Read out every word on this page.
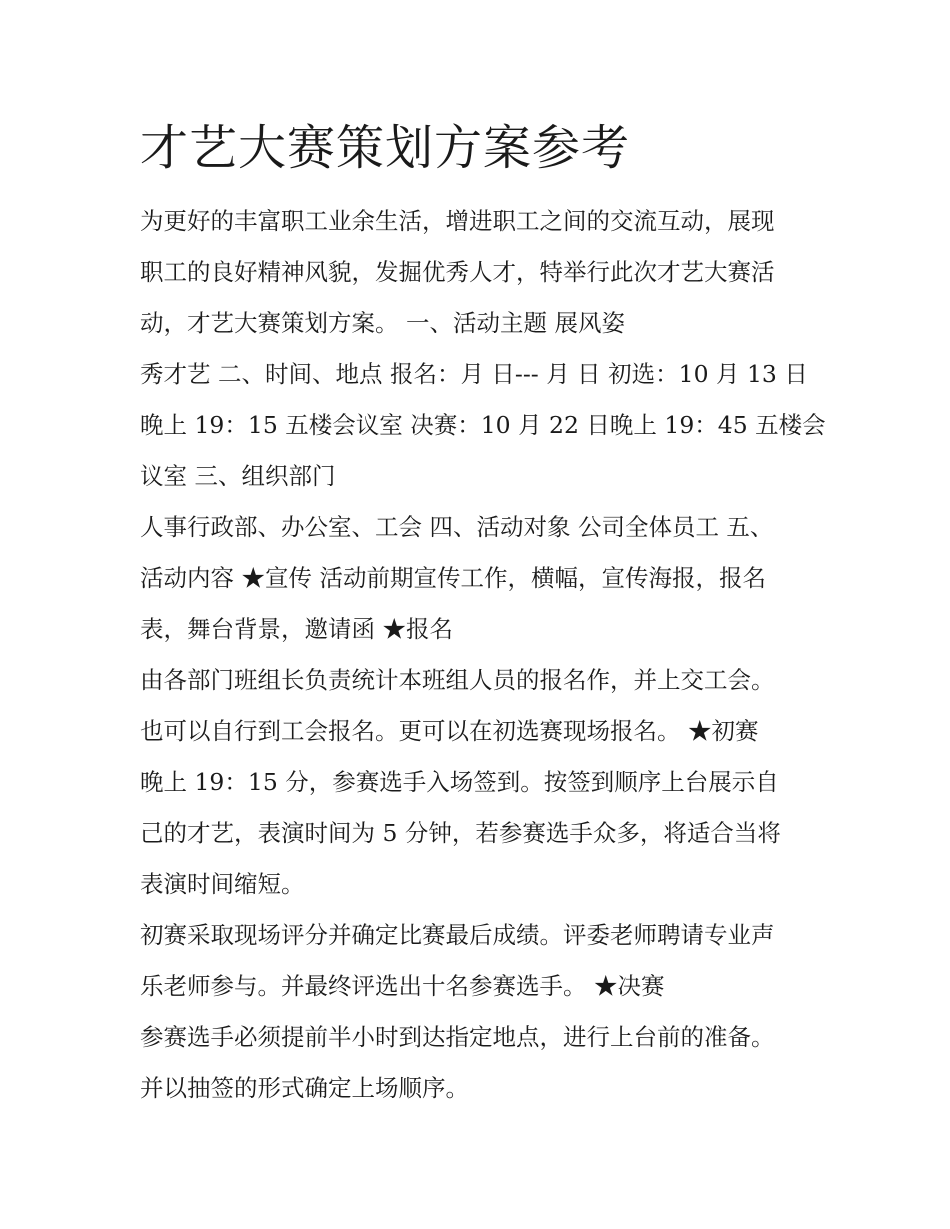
才艺大赛策划方案参考
为更好的丰富职工业余生活，增进职工之间的交流互动，展现
职工的良好精神风貌，发掘优秀人才，特举行此次才艺大赛活
动，才艺大赛策划方案。 一、活动主题 展风姿
秀才艺 二、时间、地点 报名：月 日--- 月 日 初选：10 月 13 日
晚上 19：15 五楼会议室 决赛：10 月 22 日晚上 19：45 五楼会
议室 三、组织部门
人事行政部、办公室、工会 四、活动对象 公司全体员工 五、
活动内容 ★宣传 活动前期宣传工作，横幅，宣传海报，报名
表，舞台背景，邀请函 ★报名
由各部门班组长负责统计本班组人员的报名作，并上交工会。
也可以自行到工会报名。更可以在初选赛现场报名。 ★初赛
晚上 19：15 分，参赛选手入场签到。按签到顺序上台展示自
己的才艺，表演时间为 5 分钟，若参赛选手众多，将适合当将
表演时间缩短。
初赛采取现场评分并确定比赛最后成绩。评委老师聘请专业声
乐老师参与。并最终评选出十名参赛选手。 ★决赛
参赛选手必须提前半小时到达指定地点，进行上台前的准备。
并以抽签的形式确定上场顺序。
